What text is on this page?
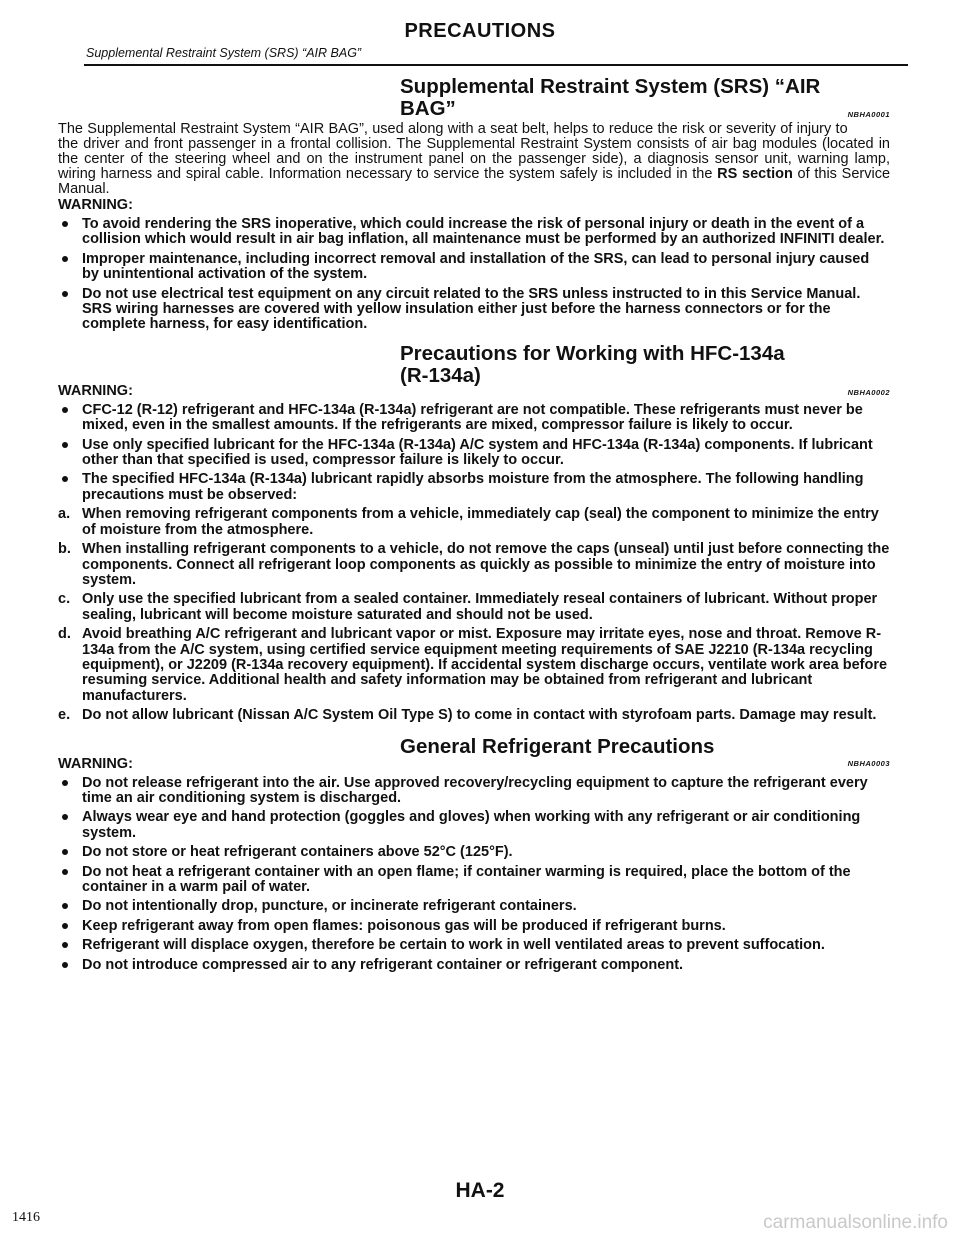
PRECAUTIONS
Supplemental Restraint System (SRS) “AIR BAG”
Supplemental Restraint System (SRS) “AIR
BAG”	NBHA0001

The Supplemental Restraint System “AIR BAG”, used along with a seat belt, helps to reduce the risk or severity of injury to the driver and front passenger in a frontal collision. The Supplemental Restraint System consists of air bag modules (located in the center of the steering wheel and on the instrument panel on the passenger side), a diagnosis sensor unit, warning lamp, wiring harness and spiral cable. Information necessary to service the system safely is included in the RS section of this Service Manual.

WARNING:

To avoid rendering the SRS inoperative, which could increase the risk of personal injury or death in the event of a collision which would result in air bag inflation, all maintenance must be performed by an authorized INFINITI dealer.
Improper maintenance, including incorrect removal and installation of the SRS, can lead to personal injury caused by unintentional activation of the system.
Do not use electrical test equipment on any circuit related to the SRS unless instructed to in this Service Manual. SRS wiring harnesses are covered with yellow insulation either just before the harness connectors or for the complete harness, for easy identification.
Precautions for Working with HFC-134a
(R-134a)

WARNING:	NBHA0002

CFC-12 (R-12) refrigerant and HFC-134a (R-134a) refrigerant are not compatible. These refrigerants must never be mixed, even in the smallest amounts. If the refrigerants are mixed, compressor failure is likely to occur.
Use only specified lubricant for the HFC-134a (R-134a) A/C system and HFC-134a (R-134a) components. If lubricant other than that specified is used, compressor failure is likely to occur.
The specified HFC-134a (R-134a) lubricant rapidly absorbs moisture from the atmosphere. The following handling precautions must be observed:
a. When removing refrigerant components from a vehicle, immediately cap (seal) the component to minimize the entry of moisture from the atmosphere.
b. When installing refrigerant components to a vehicle, do not remove the caps (unseal) until just before connecting the components. Connect all refrigerant loop components as quickly as possible to minimize the entry of moisture into system.
c. Only use the specified lubricant from a sealed container. Immediately reseal containers of lubricant. Without proper sealing, lubricant will become moisture saturated and should not be used.
d. Avoid breathing A/C refrigerant and lubricant vapor or mist. Exposure may irritate eyes, nose and throat. Remove R-134a from the A/C system, using certified service equipment meeting requirements of SAE J2210 (R-134a recycling equipment), or J2209 (R-134a recovery equipment). If accidental system discharge occurs, ventilate work area before resuming service. Additional health and safety information may be obtained from refrigerant and lubricant manufacturers.
e. Do not allow lubricant (Nissan A/C System Oil Type S) to come in contact with styrofoam parts. Damage may result.
General Refrigerant Precautions

WARNING:	NBHA0003

Do not release refrigerant into the air. Use approved recovery/recycling equipment to capture the refrigerant every time an air conditioning system is discharged.
Always wear eye and hand protection (goggles and gloves) when working with any refrigerant or air conditioning system.
Do not store or heat refrigerant containers above 52°C (125°F).
Do not heat a refrigerant container with an open flame; if container warming is required, place the bottom of the container in a warm pail of water.
Do not intentionally drop, puncture, or incinerate refrigerant containers.
Keep refrigerant away from open flames: poisonous gas will be produced if refrigerant burns.
Refrigerant will displace oxygen, therefore be certain to work in well ventilated areas to prevent suffocation.
Do not introduce compressed air to any refrigerant container or refrigerant component.
HA-2
1416	carmanualsonline.info
